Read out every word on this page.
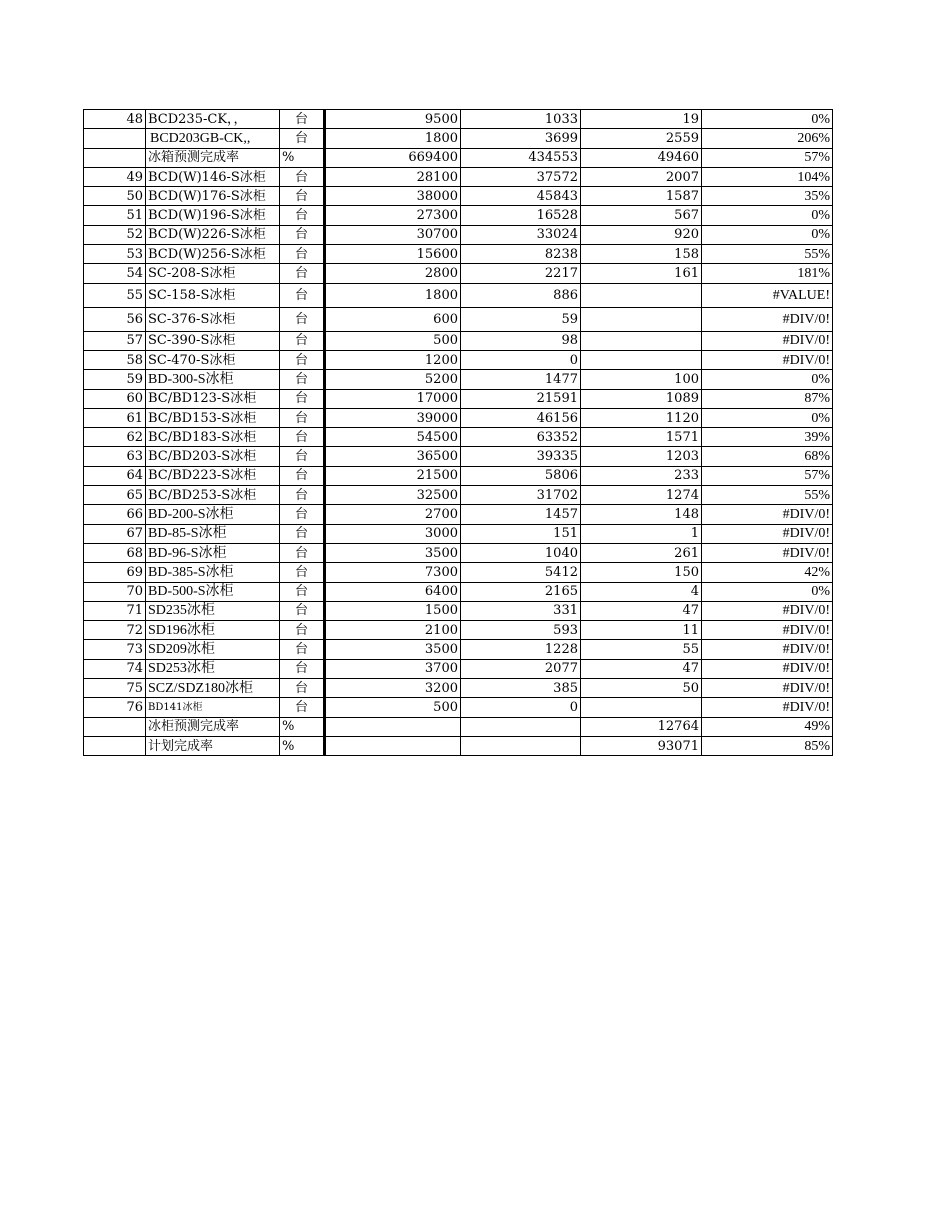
48	BCD235-CK，，	台	9500	1033	19	0%
	BCD203GB-CK,,	台	1800	3699	2559	206%
	冰箱预测完成率	%	669400	434553	49460	57%
49	BCD(W)146-S冰柜	台	28100	37572	2007	104%
50	BCD(W)176-S冰柜	台	38000	45843	1587	35%
51	BCD(W)196-S冰柜	台	27300	16528	567	0%
52	BCD(W)226-S冰柜	台	30700	33024	920	0%
53	BCD(W)256-S冰柜	台	15600	8238	158	55%
54	SC-208-S冰柜	台	2800	2217	161	181%
55	SC-158-S冰柜	台	1800	886		#VALUE!
56	SC-376-S冰柜	台	600	59		#DIV/0!
57	SC-390-S冰柜	台	500	98		#DIV/0!
58	SC-470-S冰柜	台	1200	0		#DIV/0!
59	BD-300-S冰柜	台	5200	1477	100	0%
60	BC/BD123-S冰柜	台	17000	21591	1089	87%
61	BC/BD153-S冰柜	台	39000	46156	1120	0%
62	BC/BD183-S冰柜	台	54500	63352	1571	39%
63	BC/BD203-S冰柜	台	36500	39335	1203	68%
64	BC/BD223-S冰柜	台	21500	5806	233	57%
65	BC/BD253-S冰柜	台	32500	31702	1274	55%
66	BD-200-S冰柜	台	2700	1457	148	#DIV/0!
67	BD-85-S冰柜	台	3000	151	1	#DIV/0!
68	BD-96-S冰柜	台	3500	1040	261	#DIV/0!
69	BD-385-S冰柜	台	7300	5412	150	42%
70	BD-500-S冰柜	台	6400	2165	4	0%
71	SD235冰柜	台	1500	331	47	#DIV/0!
72	SD196冰柜	台	2100	593	11	#DIV/0!
73	SD209冰柜	台	3500	1228	55	#DIV/0!
74	SD253冰柜	台	3700	2077	47	#DIV/0!
75	SCZ/SDZ180冰柜	台	3200	385	50	#DIV/0!
76	BD141冰柜	台	500	0		#DIV/0!
	冰柜预测完成率	%			12764	49%
	计划完成率	%			93071	85%
